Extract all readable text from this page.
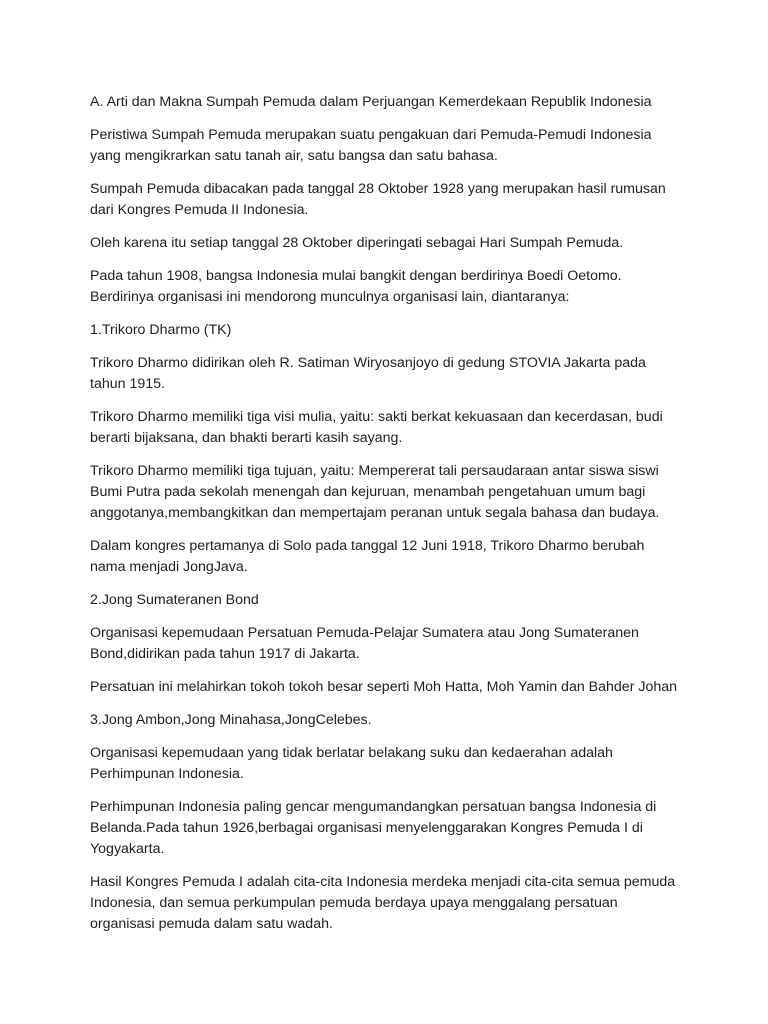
A. Arti dan Makna Sumpah Pemuda dalam Perjuangan Kemerdekaan Republik Indonesia

Peristiwa Sumpah Pemuda merupakan suatu pengakuan dari Pemuda-Pemudi Indonesia yang mengikrarkan satu tanah air, satu bangsa dan satu bahasa.

Sumpah Pemuda dibacakan pada tanggal 28 Oktober 1928 yang merupakan hasil rumusan dari Kongres Pemuda II Indonesia.

Oleh karena itu setiap tanggal 28 Oktober diperingati sebagai Hari Sumpah Pemuda.

Pada tahun 1908, bangsa Indonesia mulai bangkit dengan berdirinya Boedi Oetomo. Berdirinya organisasi ini mendorong munculnya organisasi lain, diantaranya:

1.Trikoro Dharmo (TK)

Trikoro Dharmo didirikan oleh R. Satiman Wiryosanjoyo di gedung STOVIA Jakarta pada tahun 1915.

Trikoro Dharmo memiliki tiga visi mulia, yaitu: sakti berkat kekuasaan dan kecerdasan, budi berarti bijaksana, dan bhakti berarti kasih sayang.

Trikoro Dharmo memiliki tiga tujuan, yaitu: Mempererat tali persaudaraan antar siswa siswi Bumi Putra pada sekolah menengah dan kejuruan, menambah pengetahuan umum bagi anggotanya,membangkitkan dan mempertajam peranan untuk segala bahasa dan budaya.

Dalam kongres pertamanya di Solo pada tanggal 12 Juni 1918, Trikoro Dharmo berubah nama menjadi JongJava.

2.Jong Sumateranen Bond

Organisasi kepemudaan Persatuan Pemuda-Pelajar Sumatera atau Jong Sumateranen Bond,didirikan pada tahun 1917 di Jakarta.

Persatuan ini melahirkan tokoh tokoh besar seperti Moh Hatta, Moh Yamin dan Bahder Johan

3.Jong Ambon,Jong Minahasa,JongCelebes.

Organisasi kepemudaan yang tidak berlatar belakang suku dan kedaerahan adalah Perhimpunan Indonesia.

Perhimpunan Indonesia paling gencar mengumandangkan persatuan bangsa Indonesia di Belanda.Pada tahun 1926,berbagai organisasi menyelenggarakan Kongres Pemuda I di Yogyakarta.

Hasil Kongres Pemuda I adalah cita-cita Indonesia merdeka menjadi cita-cita semua pemuda Indonesia, dan semua perkumpulan pemuda berdaya upaya menggalang persatuan organisasi pemuda dalam satu wadah.
